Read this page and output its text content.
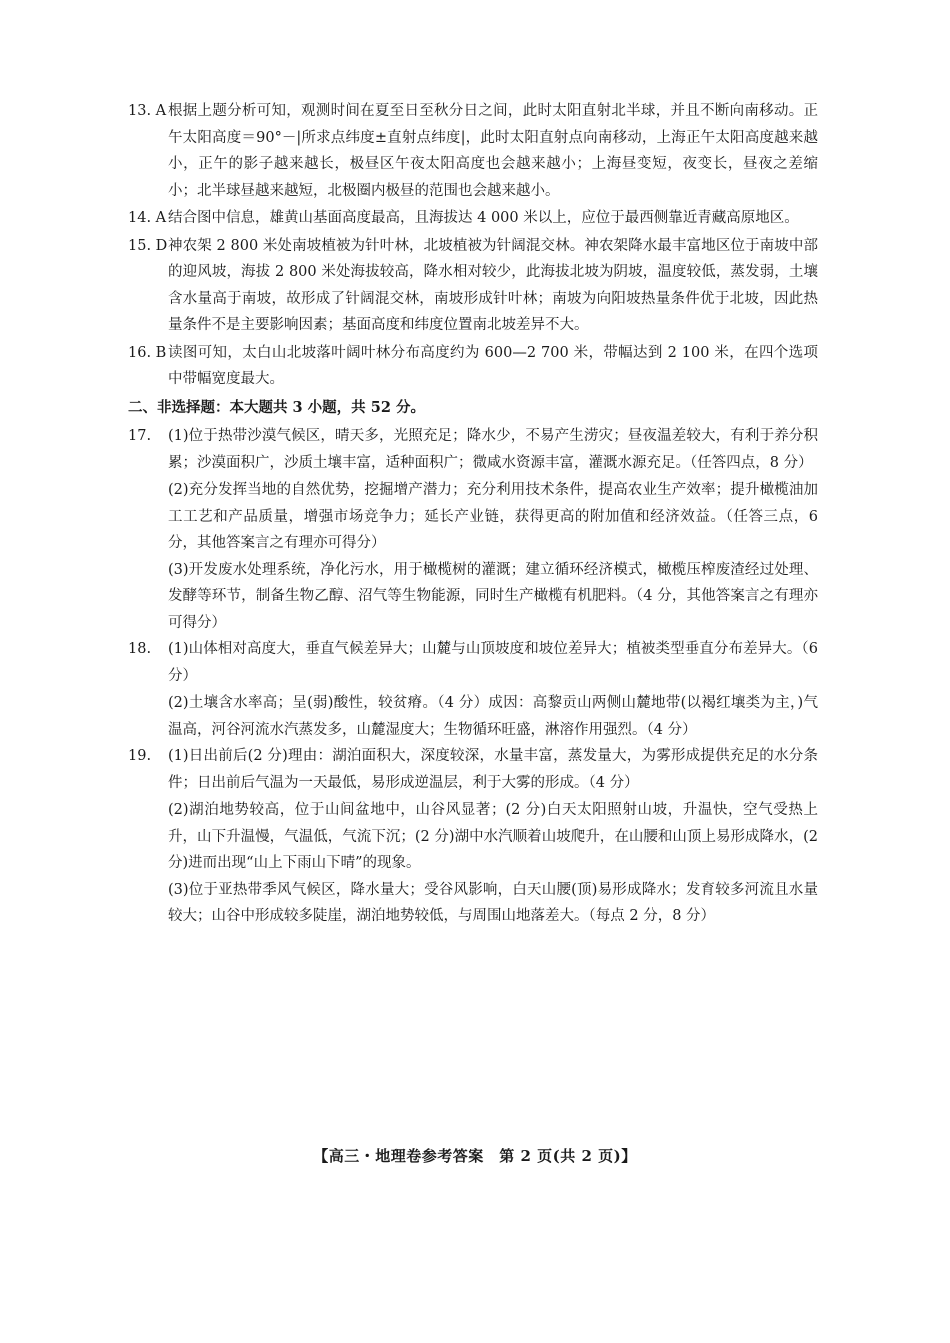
13. A 根据上题分析可知，观测时间在夏至日至秋分日之间，此时太阳直射北半球，并且不断向南移动。正午太阳高度＝90°－|所求点纬度±直射点纬度|，此时太阳直射点向南移动，上海正午太阳高度越来越小，正午的影子越来越长，极昼区午夜太阳高度也会越来越小；上海昼变短，夜变长，昼夜之差缩小；北半球昼越来越短，北极圈内极昼的范围也会越来越小。
14. A 结合图中信息，雄黄山基面高度最高，且海拔达 4 000 米以上，应位于最西侧靠近青藏高原地区。
15. D 神农架 2 800 米处南坡植被为针叶林，北坡植被为针阔混交林。神农架降水最丰富地区位于南坡中部的迎风坡，海拔 2 800 米处海拔较高，降水相对较少，此海拔北坡为阴坡，温度较低，蒸发弱，土壤含水量高于南坡，故形成了针阔混交林，南坡形成针叶林；南坡为向阳坡热量条件优于北坡，因此热量条件不是主要影响因素；基面高度和纬度位置南北坡差异不大。
16. B 读图可知，太白山北坡落叶阔叶林分布高度约为 600—2 700 米，带幅达到 2 100 米，在四个选项中带幅宽度最大。
二、非选择题：本大题共 3 小题，共 52 分。
17.	(1)位于热带沙漠气候区，晴天多，光照充足；降水少，不易产生涝灾；昼夜温差较大，有利于养分积累；沙漠面积广，沙质土壤丰富，适种面积广；微咸水资源丰富，灌溉水源充足。（任答四点，8 分）
(2)充分发挥当地的自然优势，挖掘增产潜力；充分利用技术条件，提高农业生产效率；提升橄榄油加工工艺和产品质量，增强市场竞争力；延长产业链，获得更高的附加值和经济效益。（任答三点，6 分，其他答案言之有理亦可得分）
(3)开发废水处理系统，净化污水，用于橄榄树的灌溉；建立循环经济模式，橄榄压榨废渣经过处理、发酵等环节，制备生物乙醇、沼气等生物能源，同时生产橄榄有机肥料。（4 分，其他答案言之有理亦可得分）
18.	(1)山体相对高度大，垂直气候差异大；山麓与山顶坡度和坡位差异大；植被类型垂直分布差异大。（6 分）
(2)土壤含水率高；呈(弱)酸性，较贫瘠。（4 分）成因：高黎贡山两侧山麓地带(以褐红壤类为主，)气温高，河谷河流水汽蒸发多，山麓湿度大；生物循环旺盛，淋溶作用强烈。（4 分）
19.	(1)日出前后(2 分)理由：湖泊面积大，深度较深，水量丰富，蒸发量大，为雾形成提供充足的水分条件；日出前后气温为一天最低，易形成逆温层，利于大雾的形成。（4 分）
(2)湖泊地势较高，位于山间盆地中，山谷风显著；(2 分)白天太阳照射山坡，升温快，空气受热上升，山下升温慢，气温低，气流下沉；(2 分)湖中水汽顺着山坡爬升，在山腰和山顶上易形成降水，(2 分)进而出现“山上下雨山下晴”的现象。
(3)位于亚热带季风气候区，降水量大；受谷风影响，白天山腰(顶)易形成降水；发育较多河流且水量较大；山谷中形成较多陡崖，湖泊地势较低，与周围山地落差大。（每点 2 分，8 分）
【高三・地理卷参考答案　第 2 页(共 2 页)】
